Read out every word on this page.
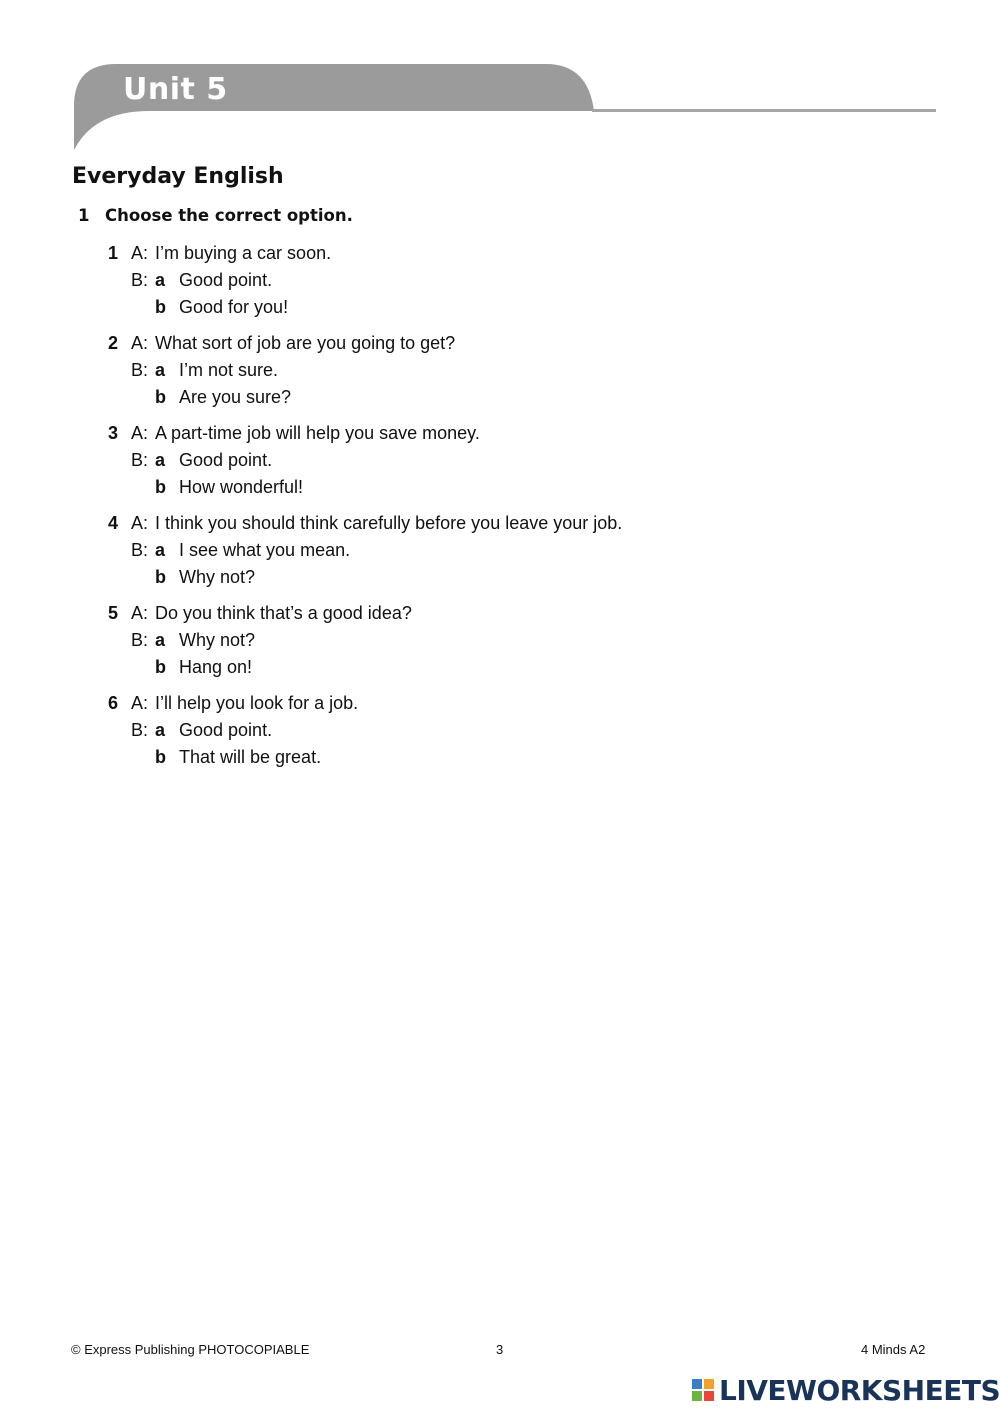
Unit 5
Everyday English
1 Choose the correct option.
1 A: I’m buying a car soon.
B: a Good point.
b Good for you!
2 A: What sort of job are you going to get?
B: a I’m not sure.
b Are you sure?
3 A: A part-time job will help you save money.
B: a Good point.
b How wonderful!
4 A: I think you should think carefully before you leave your job.
B: a I see what you mean.
b Why not?
5 A: Do you think that’s a good idea?
B: a Why not?
b Hang on!
6 A: I’ll help you look for a job.
B: a Good point.
b That will be great.
© Express Publishing PHOTOCOPIABLE	3	4 Minds A2
LIVEWORKSHEETS
